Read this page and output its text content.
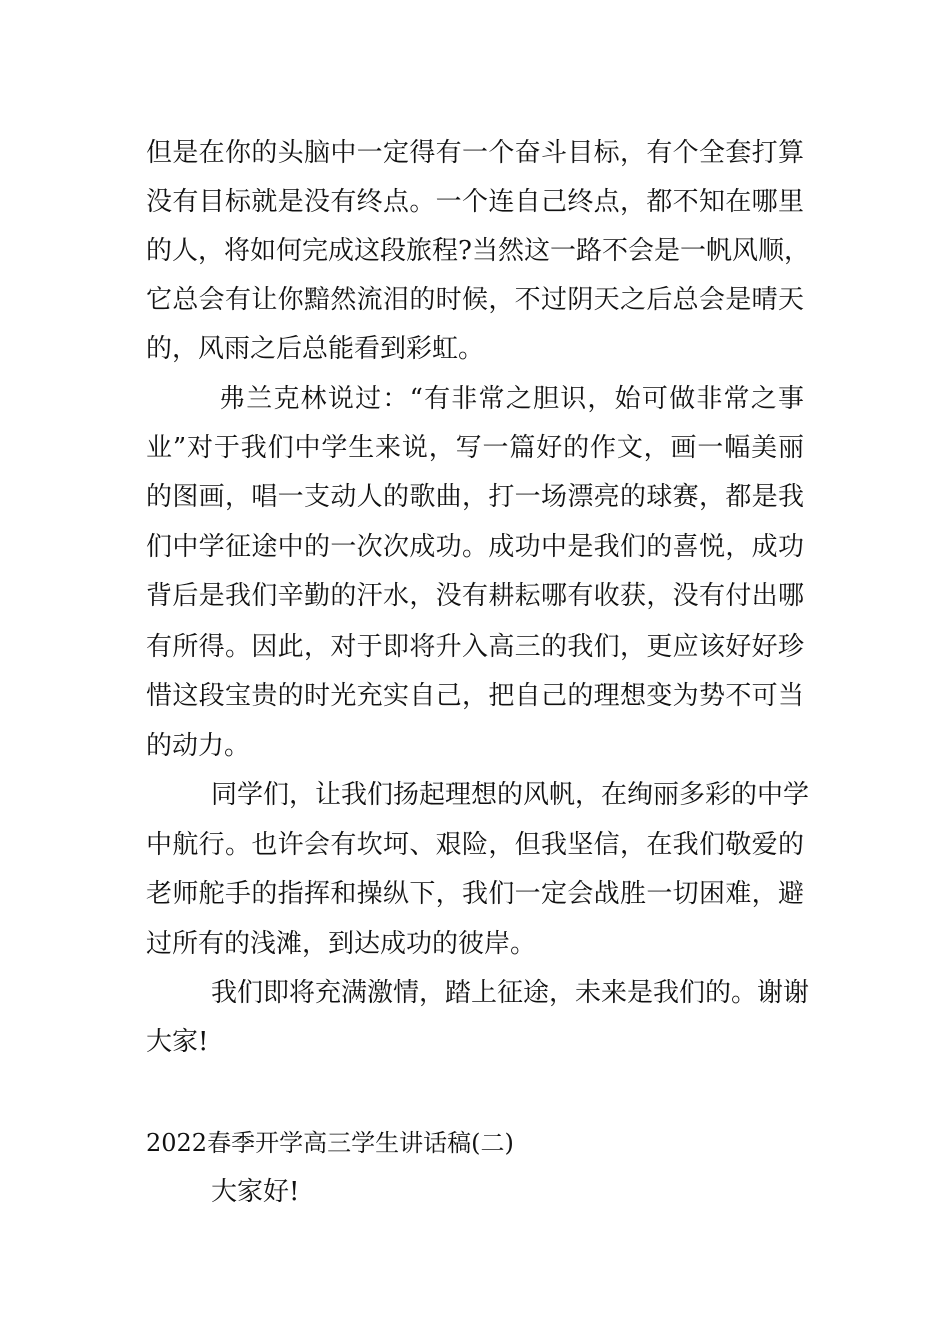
但是在你的头脑中一定得有一个奋斗目标，有个全套打算
没有目标就是没有终点。一个连自己终点，都不知在哪里
的人，将如何完成这段旅程?当然这一路不会是一帆风顺，
它总会有让你黯然流泪的时候，不过阴天之后总会是晴天
的，风雨之后总能看到彩虹。
弗兰克林说过：“有非常之胆识，始可做非常之事
业”对于我们中学生来说，写一篇好的作文，画一幅美丽
的图画，唱一支动人的歌曲，打一场漂亮的球赛，都是我
们中学征途中的一次次成功。成功中是我们的喜悦，成功
背后是我们辛勤的汗水，没有耕耘哪有收获，没有付出哪
有所得。因此，对于即将升入高三的我们，更应该好好珍
惜这段宝贵的时光充实自己，把自己的理想变为势不可当
的动力。
同学们，让我们扬起理想的风帆，在绚丽多彩的中学
中航行。也许会有坎坷、艰险，但我坚信，在我们敬爱的
老师舵手的指挥和操纵下，我们一定会战胜一切困难，避
过所有的浅滩，到达成功的彼岸。
我们即将充满激情，踏上征途，未来是我们的。谢谢
大家!
2022春季开学高三学生讲话稿(二)
大家好!
